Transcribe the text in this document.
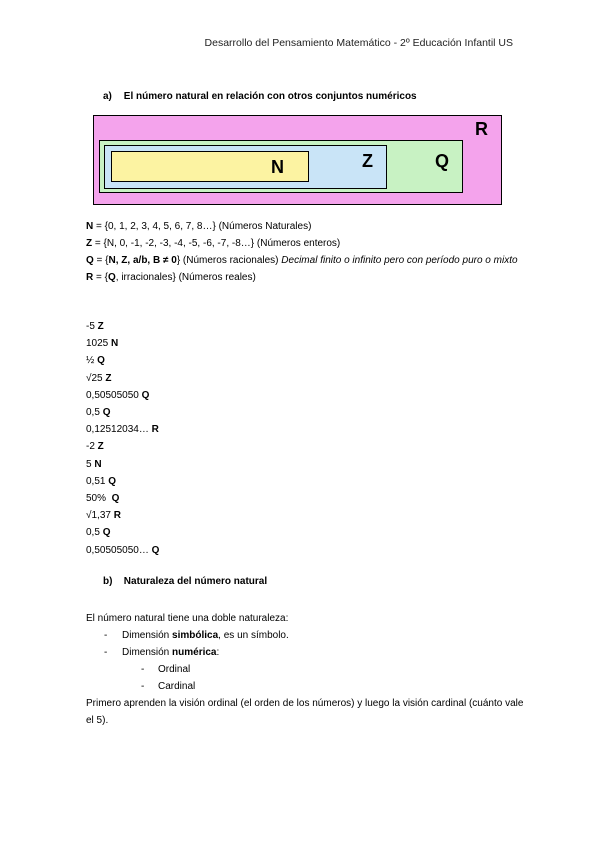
Desarrollo del Pensamiento Matemático - 2º Educación Infantil US
a) El número natural en relación con otros conjuntos numéricos
R
Q
Z
N

N = {0, 1, 2, 3, 4, 5, 6, 7, 8…} (Números Naturales)

Z = {N, 0, -1, -2, -3, -4, -5, -6, -7, -8…} (Números enteros)

Q = {N, Z, a/b, B ≠ 0} (Números racionales) Decimal finito o infinito pero con período puro o mixto

R = {Q, irracionales} (Números reales)

-5 Z
1025 N
½ Q
√25 Z
0,50505050 Q
0,5 Q
0,12512034… R
-2 Z
5 N
0,51 Q
50%  Q
√1,37 R
0,5 Q
0,50505050… Q
b) Naturaleza del número natural
El número natural tiene una doble naturaleza:
- Dimensión simbólica, es un símbolo.
- Dimensión numérica:
- Ordinal
- Cardinal
Primero aprenden la visión ordinal (el orden de los números) y luego la visión cardinal (cuánto vale el 5).
